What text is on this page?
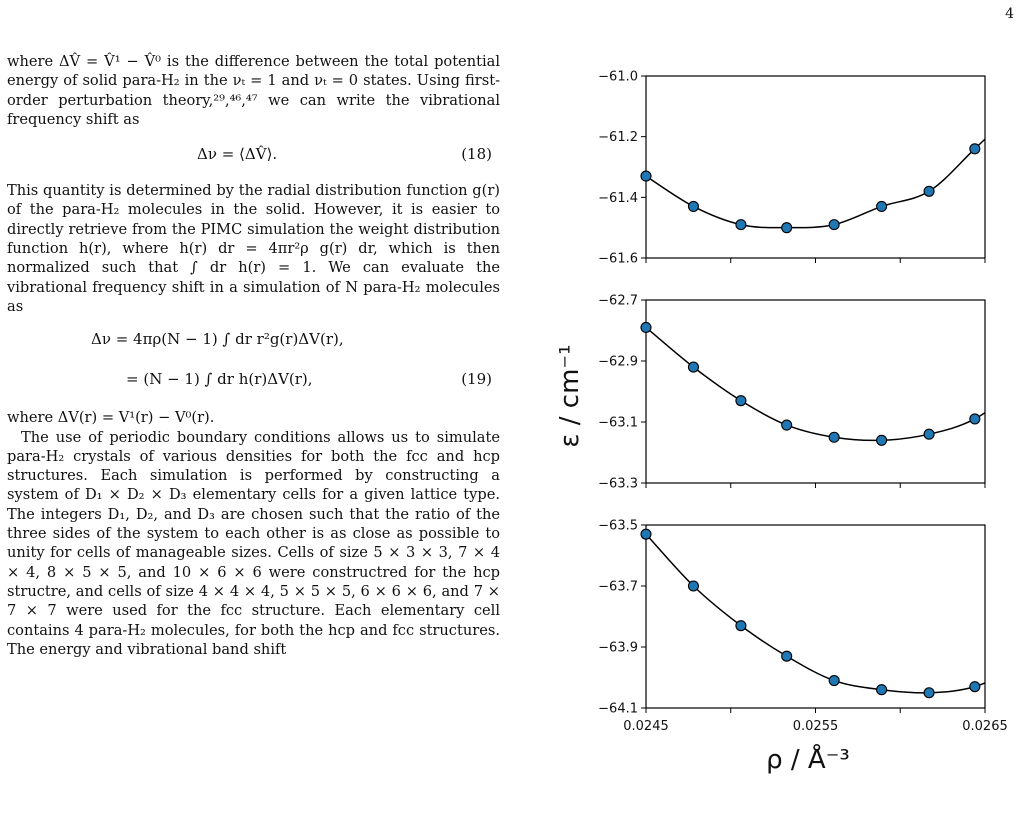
4

where ΔV̂ = V̂¹ − V̂⁰ is the difference between the total potential energy of solid para-H₂ in the νₜ = 1 and νₜ = 0 states. Using first-order perturbation theory,²⁹,⁴⁶,⁴⁷ we can write the vibrational frequency shift as

Δν = ⟨ΔV̂⟩.	(18)

This quantity is determined by the radial distribution function g(r) of the para-H₂ molecules in the solid. However, it is easier to directly retrieve from the PIMC simulation the weight distribution function h(r), where h(r) dr = 4πr²ρ g(r) dr, which is then normalized such that ∫ dr h(r) = 1. We can evaluate the vibrational frequency shift in a simulation of N para-H₂ molecules as

Δν = 4πρ(N − 1) ∫ dr r²g(r)ΔV(r),
= (N − 1) ∫ dr h(r)ΔV(r),	(19)

where ΔV(r) = V¹(r) − V⁰(r).

The use of periodic boundary conditions allows us to simulate para-H₂ crystals of various densities for both the fcc and hcp structures. Each simulation is performed by constructing a system of D₁ × D₂ × D₃ elementary cells for a given lattice type. The integers D₁, D₂, and D₃ are chosen such that the ratio of the three sides of the system to each other is as close as possible to unity for cells of manageable sizes. Cells of size 5 × 3 × 3, 7 × 4 × 4, 8 × 5 × 5, and 10 × 6 × 6 were constructred for the hcp structre, and cells of size 4 × 4 × 4, 5 × 5 × 5, 6 × 6 × 6, and 7 × 7 × 7 were used for the fcc structure. Each elementary cell contains 4 para-H₂ molecules, for both the hcp and fcc structures. The energy and vibrational band shift

ε / cm⁻¹
ρ / Å⁻³
−61.0
−61.2
−61.4
−61.6
−62.7
−62.9
−63.1
−63.3
−63.5
−63.7
−63.9
−64.1
0.0245	0.0255	0.0265
